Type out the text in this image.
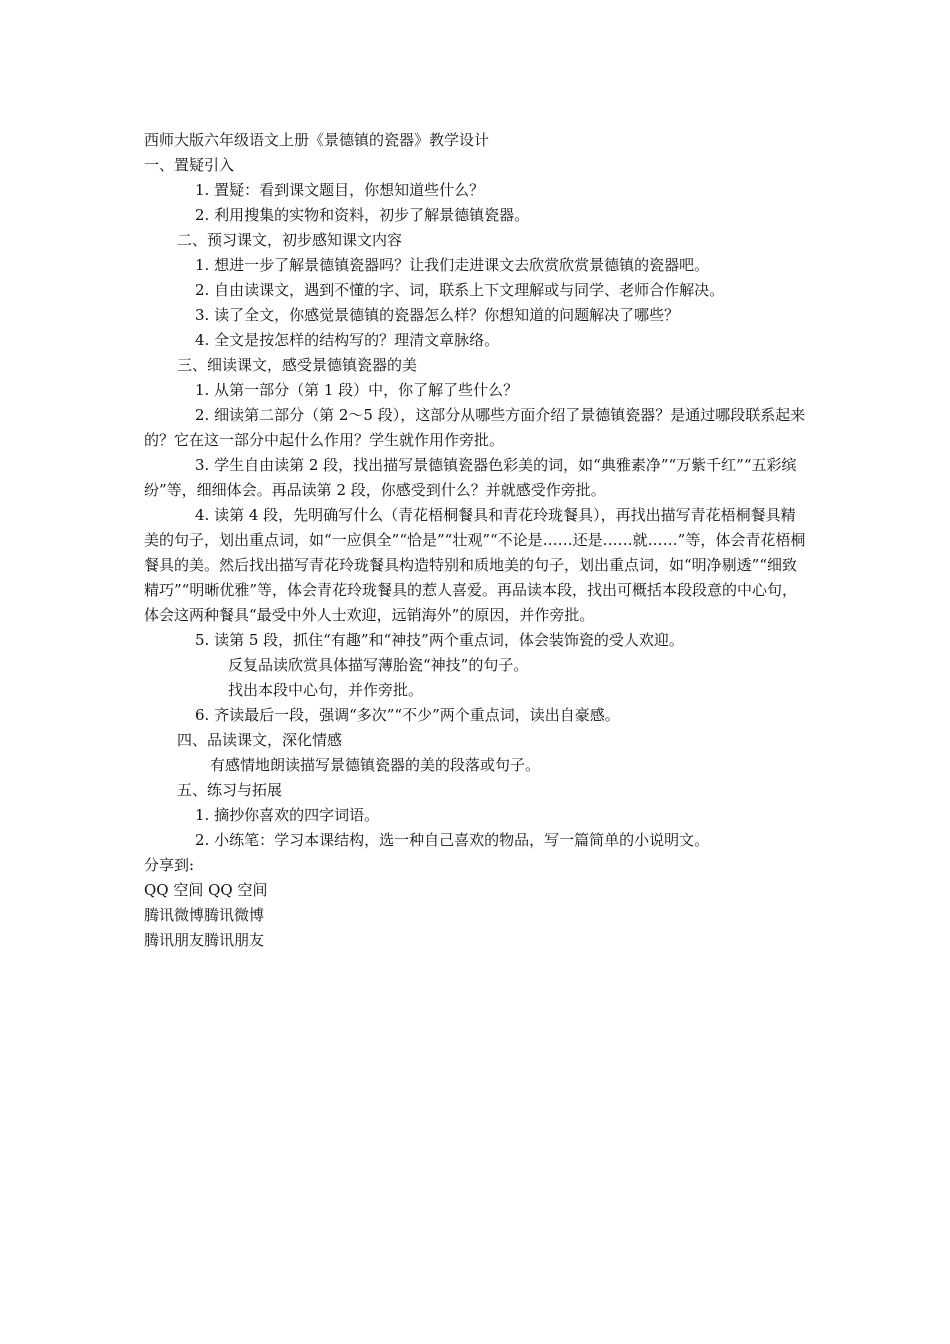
西师大版六年级语文上册《景德镇的瓷器》教学设计
一、置疑引入
1. 置疑：看到课文题目，你想知道些什么？
2. 利用搜集的实物和资料，初步了解景德镇瓷器。
二、预习课文，初步感知课文内容
1. 想进一步了解景德镇瓷器吗？让我们走进课文去欣赏欣赏景德镇的瓷器吧。
2. 自由读课文，遇到不懂的字、词，联系上下文理解或与同学、老师合作解决。
3. 读了全文，你感觉景德镇的瓷器怎么样？你想知道的问题解决了哪些？
4. 全文是按怎样的结构写的？理清文章脉络。
三、细读课文，感受景德镇瓷器的美
1. 从第一部分（第 1 段）中，你了解了些什么？
2. 细读第二部分（第 2～5 段），这部分从哪些方面介绍了景德镇瓷器？是通过哪段联系起来的？它在这一部分中起什么作用？学生就作用作旁批。
3. 学生自由读第 2 段，找出描写景德镇瓷器色彩美的词，如“典雅素净”“万紫千红”“五彩缤纷”等，细细体会。再品读第 2 段，你感受到什么？并就感受作旁批。
4. 读第 4 段，先明确写什么（青花梧桐餐具和青花玲珑餐具），再找出描写青花梧桐餐具精美的句子，划出重点词，如“一应俱全”“恰是”“壮观”“不论是……还是……就……”等，体会青花梧桐餐具的美。然后找出描写青花玲珑餐具构造特别和质地美的句子，划出重点词，如“明净剔透”“细致精巧”“明晰优雅”等，体会青花玲珑餐具的惹人喜爱。再品读本段，找出可概括本段段意的中心句，体会这两种餐具“最受中外人士欢迎，远销海外”的原因，并作旁批。
5. 读第 5 段，抓住“有趣”和“神技”两个重点词，体会装饰瓷的受人欢迎。
反复品读欣赏具体描写薄胎瓷“神技”的句子。
找出本段中心句，并作旁批。
6. 齐读最后一段，强调“多次”“不少”两个重点词，读出自豪感。
四、品读课文，深化情感
有感情地朗读描写景德镇瓷器的美的段落或句子。
五、练习与拓展
1. 摘抄你喜欢的四字词语。
2. 小练笔：学习本课结构，选一种自己喜欢的物品，写一篇简单的小说明文。
分享到:
QQ 空间 QQ 空间
腾讯微博腾讯微博
腾讯朋友腾讯朋友
